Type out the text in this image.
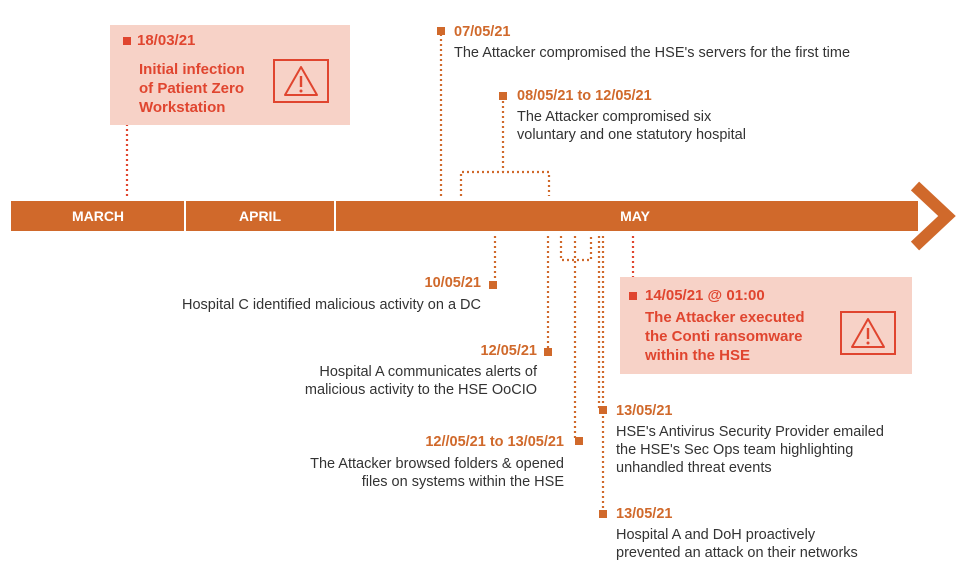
MARCH	APRIL	MAY
18/03/21
Initial infection
of Patient Zero
Workstation
07/05/21
The Attacker compromised the HSE's servers for the first time
08/05/21 to 12/05/21
The Attacker compromised six
voluntary and one statutory hospital
10/05/21
Hospital C identified malicious activity on a DC
14/05/21 @ 01:00
The Attacker executed
the Conti ransomware
within the HSE
12/05/21
Hospital A communicates alerts of
malicious activity to the HSE OoCIO
13/05/21
HSE's Antivirus Security Provider emailed
the HSE's Sec Ops team highlighting
unhandled threat events
12//05/21 to 13/05/21
The Attacker browsed folders & opened
files on systems within the HSE
13/05/21
Hospital A and DoH proactively
prevented an attack on their networks
